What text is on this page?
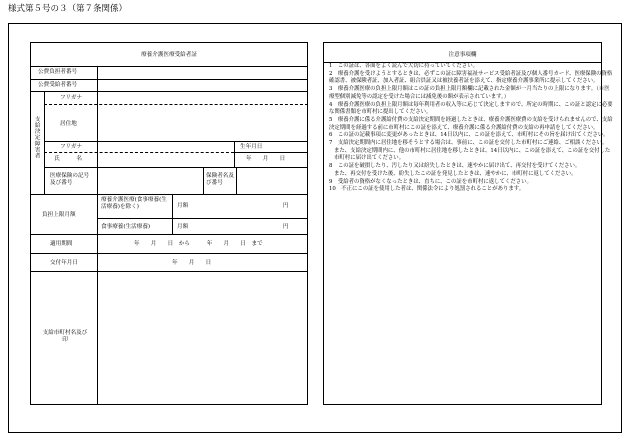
様式第５号の３（第７条関係）
療養介護医療受給者証
公費負担者番号
公費受給者番号
支給決定障害者
フリガナ
居住地
フリガナ	生年月日
氏　　　名	年　　月　　日
医療保険の記号及び番号
保険者名及び番号
負担上限月額
療養介護医療(食事療養(生活療養)を除く)	月額	円
食事療養(生活療養)	月額	円
適用期間	年　　月　　日　から　　　年　　月　　日　まで
交付年月日	年　　月　　日
支給市町村名及び印
注意事項欄

1　この証は、各面をよく読んで大切に持っていてください。

2　療養介護を受けようとするときは、必ずこの証に障害福祉サービス受給者証及び個人番号カード、医療保険の資格確認書、被保険者証、加入者証、組合員証又は被扶養者証を添えて、指定療養介護事業所に提示してください。

3　療養介護医療の負担上限月額はこの証の負担上限月額欄に記載された金額が一月当たりの上限になります。（※医療型個別減免等の認定を受けた場合には減免後の額が表示されています。）

4　療養介護医療の負担上限月額は毎年利用者の収入等に応じて決定しますので、所定の時期に、この証と認定に必要な関係書類を市町村に提出してください。

5　療養介護に係る介護給付費の支給決定期間を経過したときは、療養介護医療費の支給を受けられませんので、支給決定期間を経過する前に市町村にこの証を添えて、療養介護に係る介護給付費の支給の再申請をしてください。

6　この証の記載事項に変更があったときは、14日以内に、この証を添えて、市町村にその旨を届け出てください。

7　支給決定期間内に居住地を移そうとする場合は、事前に、この証を交付した市町村にご連絡、ご相談ください。

また、支給決定期間内に、他の市町村に居住地を移したときは、14日以内に、この証を添えて、この証を交付した市町村に届け出てください。

8　この証を破損したり、汚したり又は紛失したときは、速やかに届け出て、再交付を受けてください。

また、再交付を受けた後、紛失したこの証を発見したときは、速やかに、市町村に返してください。

9　受給者の資格がなくなったときは、直ちに、この証を市町村に返してください。

10　不正にこの証を使用した者は、関係法令により処罰されることがあります。
